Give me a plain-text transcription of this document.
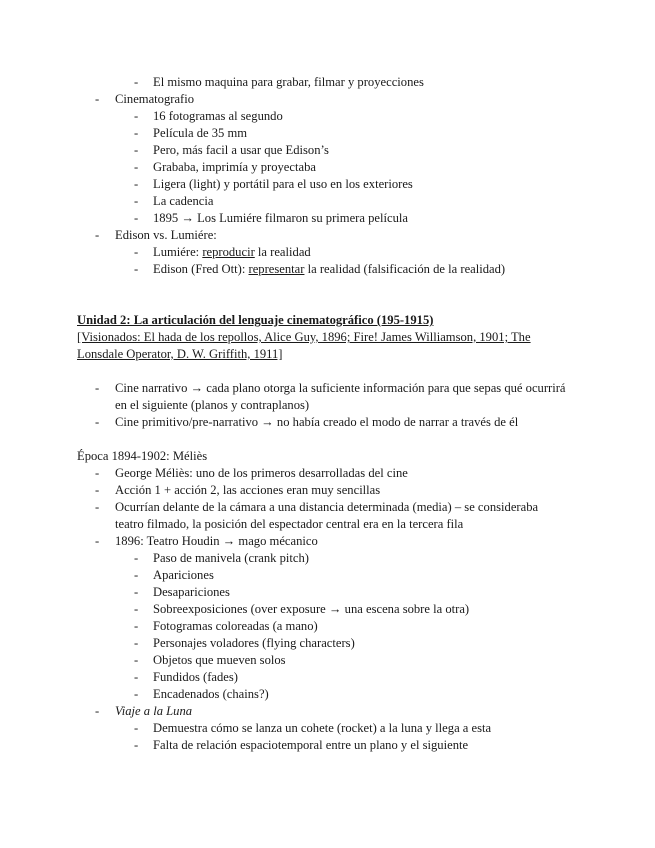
-	El mismo maquina para grabar, filmar y proyecciones
-	Cinematografio
-	16 fotogramas al segundo
-	Película de 35 mm
-	Pero, más facil a usar que Edison’s
-	Grababa, imprimía y proyectaba
-	Ligera (light) y portátil para el uso en los exteriores
-	La cadencia
-	1895 → Los Lumiére filmaron su primera película
-	Edison vs. Lumiére:
-	Lumiére: reproducir la realidad
-	Edison (Fred Ott): representar la realidad (falsificación de la realidad)
Unidad 2: La articulación del lenguaje cinematográfico (195-1915)
[Visionados: El hada de los repollos, Alice Guy, 1896; Fire! James Williamson, 1901; The
Lonsdale Operator, D. W. Griffith, 1911]
-	Cine narrativo → cada plano otorga la suficiente información para que sepas qué ocurrirá
en el siguiente (planos y contraplanos)
-	Cine primitivo/pre-narrativo → no había creado el modo de narrar a través de él
Época 1894-1902: Méliès
-	George Méliès: uno de los primeros desarrolladas del cine
-	Acción 1 + acción 2, las acciones eran muy sencillas
-	Ocurrían delante de la cámara a una distancia determinada (media) – se consideraba
teatro filmado, la posición del espectador central era en la tercera fila
-	1896: Teatro Houdin → mago mécanico
-	Paso de manivela (crank pitch)
-	Apariciones
-	Desapariciones
-	Sobreexposiciones (over exposure → una escena sobre la otra)
-	Fotogramas coloreadas (a mano)
-	Personajes voladores (flying characters)
-	Objetos que mueven solos
-	Fundidos (fades)
-	Encadenados (chains?)
-	Viaje a la Luna
-	Demuestra cómo se lanza un cohete (rocket) a la luna y llega a esta
-	Falta de relación espaciotemporal entre un plano y el siguiente
